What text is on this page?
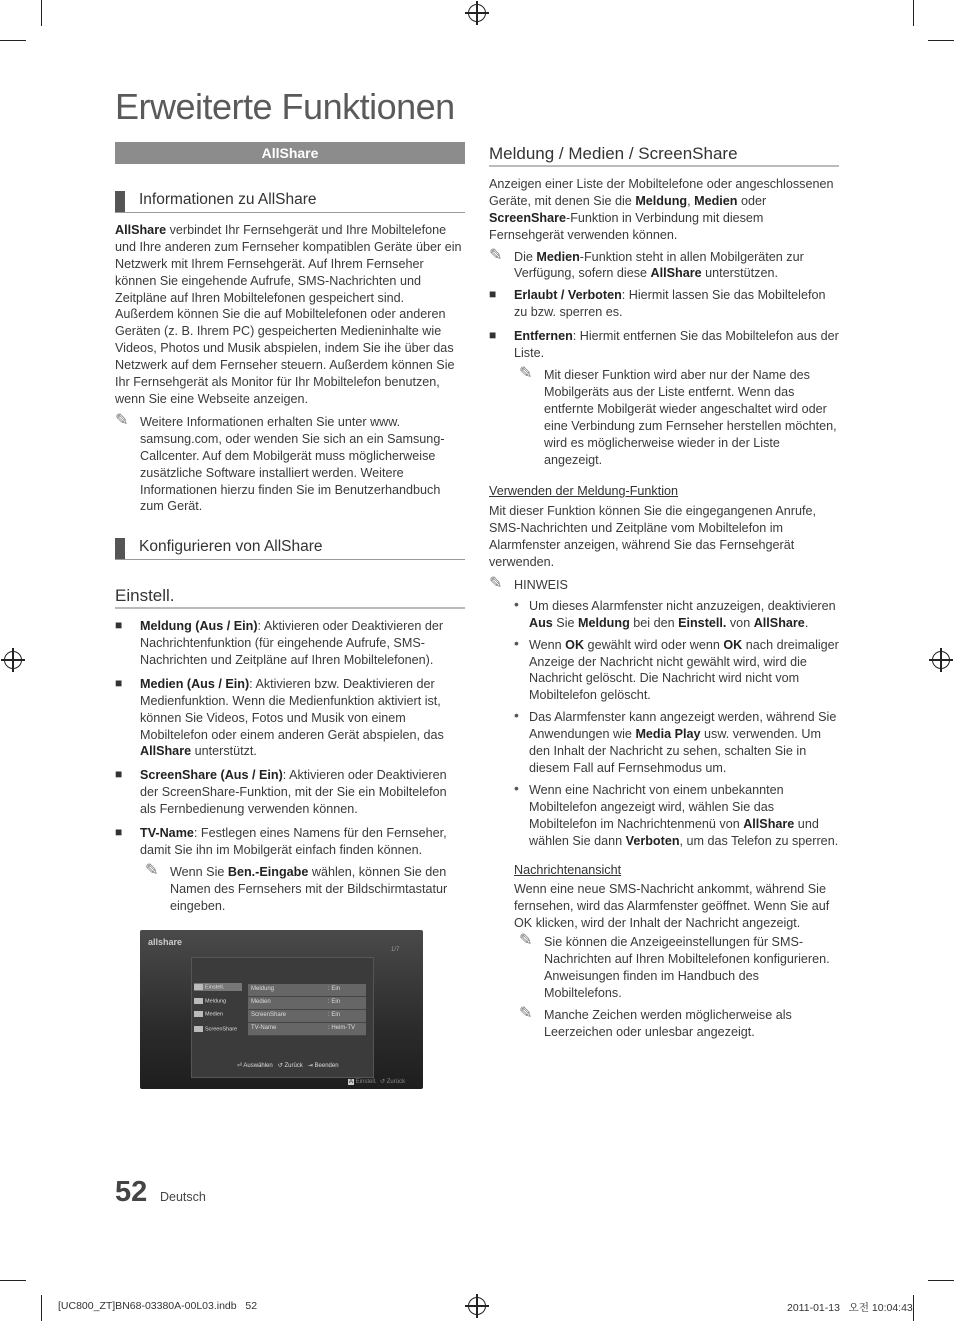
Erweiterte Funktionen
AllShare
Informationen zu AllShare

AllShare verbindet Ihr Fernsehgerät und Ihre Mobiltelefone und Ihre anderen zum Fernseher kompatiblen Geräte über ein Netzwerk mit Ihrem Fernsehgerät. Auf Ihrem Fernseher können Sie eingehende Aufrufe, SMS-Nachrichten und Zeitpläne auf Ihren Mobiltelefonen gespeichert sind. Außerdem können Sie die auf Mobiltelefonen oder anderen Geräten (z. B. Ihrem PC) gespeicherten Medieninhalte wie Videos, Photos und Musik abspielen, indem Sie ihe über das Netzwerk auf dem Fernseher steuern. Außerdem können Sie Ihr Fernsehgerät als Monitor für Ihr Mobiltelefon benutzen, wenn Sie eine Webseite anzeigen.

✎ Weitere Informationen erhalten Sie unter www. samsung.com, oder wenden Sie sich an ein Samsung-Callcenter. Auf dem Mobilgerät muss möglicherweise zusätzliche Software installiert werden. Weitere Informationen hierzu finden Sie im Benutzerhandbuch zum Gerät.
Konfigurieren von AllShare
Einstell.
■ Meldung (Aus / Ein): Aktivieren oder Deaktivieren der Nachrichtenfunktion (für eingehende Aufrufe, SMS-Nachrichten und Zeitpläne auf Ihren Mobiltelefonen).
■ Medien (Aus / Ein): Aktivieren bzw. Deaktivieren der Medienfunktion. Wenn die Medienfunktion aktiviert ist, können Sie Videos, Fotos und Musik von einem Mobiltelefon oder einem anderen Gerät abspielen, das AllShare unterstützt.
■ ScreenShare (Aus / Ein): Aktivieren oder Deaktivieren der ScreenShare-Funktion, mit der Sie ein Mobiltelefon als Fernbedienung verwenden können.
■ TV-Name: Festlegen eines Namens für den Fernseher, damit Sie ihn im Mobilgerät einfach finden können.
✎ Wenn Sie Ben.-Eingabe wählen, können Sie den Namen des Fernsehers mit der Bildschirmtastatur eingeben.
allshare
1/7
Einstell.
Meldung
Medien
ScreenShare
Meldung	: Ein
Medien	: Ein
ScreenShare	: Ein
TV-Name	: Heim-TV
⏎ Auswählen ↺ Zurück ⇥ Beenden
A Einstell. ↺ Zurück
Meldung / Medien / ScreenShare

Anzeigen einer Liste der Mobiltelefone oder angeschlossenen Geräte, mit denen Sie die Meldung, Medien oder ScreenShare-Funktion in Verbindung mit diesem Fernsehgerät verwenden können.

✎ Die Medien-Funktion steht in allen Mobilgeräten zur Verfügung, sofern diese AllShare unterstützen.
■ Erlaubt / Verboten: Hiermit lassen Sie das Mobiltelefon zu bzw. sperren es.
■ Entfernen: Hiermit entfernen Sie das Mobiltelefon aus der Liste.
✎ Mit dieser Funktion wird aber nur der Name des Mobilgeräts aus der Liste entfernt. Wenn das entfernte Mobilgerät wieder angeschaltet wird oder eine Verbindung zum Fernseher herstellen möchten, wird es möglicherweise wieder in der Liste angezeigt.

Verwenden der Meldung-Funktion

Mit dieser Funktion können Sie die eingegangenen Anrufe, SMS-Nachrichten und Zeitpläne vom Mobiltelefon im Alarmfenster anzeigen, während Sie das Fernsehgerät verwenden.

✎ HINWEIS
• Um dieses Alarmfenster nicht anzuzeigen, deaktivieren Aus Sie Meldung bei den Einstell. von AllShare.
• Wenn OK gewählt wird oder wenn OK nach dreimaliger Anzeige der Nachricht nicht gewählt wird, wird die Nachricht gelöscht. Die Nachricht wird nicht vom Mobiltelefon gelöscht.
• Das Alarmfenster kann angezeigt werden, während Sie Anwendungen wie Media Play usw. verwenden. Um den Inhalt der Nachricht zu sehen, schalten Sie in diesem Fall auf Fernsehmodus um.
• Wenn eine Nachricht von einem unbekannten Mobiltelefon angezeigt wird, wählen Sie das Mobiltelefon im Nachrichtenmenü von AllShare und wählen Sie dann Verboten, um das Telefon zu sperren.

Nachrichtenansicht

Wenn eine neue SMS-Nachricht ankommt, während Sie fernsehen, wird das Alarmfenster geöffnet. Wenn Sie auf OK klicken, wird der Inhalt der Nachricht angezeigt.

✎ Sie können die Anzeigeeinstellungen für SMS-Nachrichten auf Ihren Mobiltelefonen konfigurieren. Anweisungen finden im Handbuch des Mobiltelefons.
✎ Manche Zeichen werden möglicherweise als Leerzeichen oder unlesbar angezeigt.
52 Deutsch
[UC800_ZT]BN68-03380A-00L03.indb   52	2011-01-13   오전 10:04:43
